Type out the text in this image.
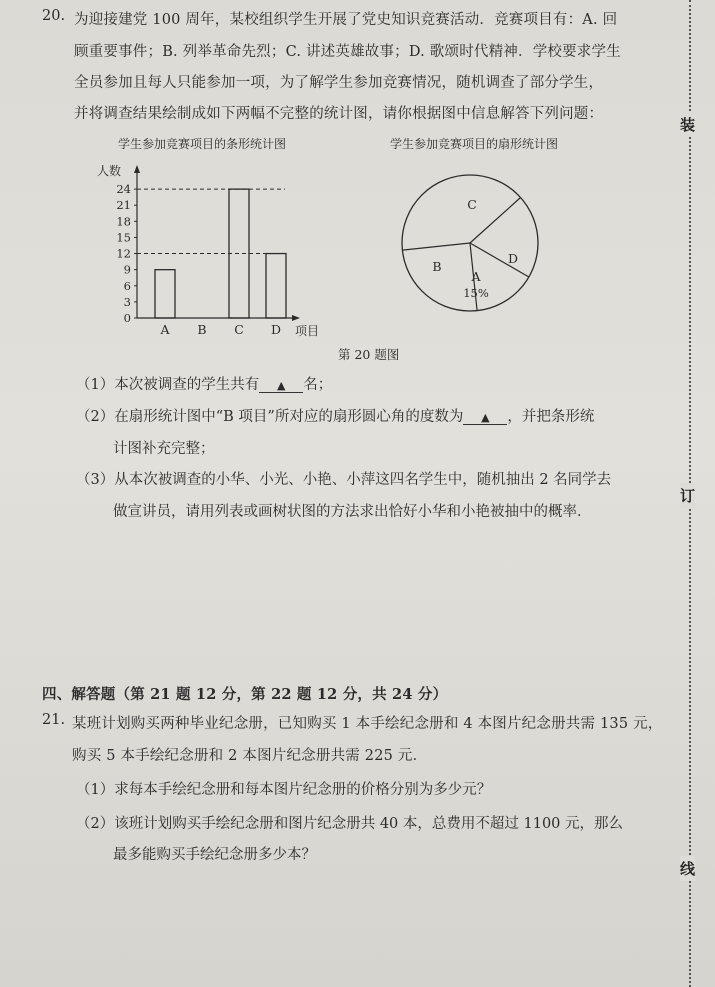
装
订
线
20. 为迎接建党 100 周年，某校组织学生开展了党史知识竞赛活动．竞赛项目有：A. 回
顾重要事件；B. 列举革命先烈；C. 讲述英雄故事；D. 歌颂时代精神．学校要求学生
全员参加且每人只能参加一项，为了解学生参加竞赛情况，随机调查了部分学生，
并将调查结果绘制成如下两幅不完整的统计图，请你根据图中信息解答下列问题：
学生参加竞赛项目的条形统计图	学生参加竞赛项目的扇形统计图
人数
项目
0
3
6
9
12
15
18
21
24
A B C D
C
D
A
B
15%
第 20 题图
（1）本次被调查的学生共有 ▲ 名；
（2）在扇形统计图中“B 项目”所对应的扇形圆心角的度数为 ▲ ，并把条形统
计图补充完整；
（3）从本次被调查的小华、小光、小艳、小萍这四名学生中，随机抽出 2 名同学去
做宣讲员，请用列表或画树状图的方法求出恰好小华和小艳被抽中的概率．
四、解答题（第 21 题 12 分，第 22 题 12 分，共 24 分）
21. 某班计划购买两种毕业纪念册，已知购买 1 本手绘纪念册和 4 本图片纪念册共需 135 元，
购买 5 本手绘纪念册和 2 本图片纪念册共需 225 元．
（1）求每本手绘纪念册和每本图片纪念册的价格分别为多少元？
（2）该班计划购买手绘纪念册和图片纪念册共 40 本，总费用不超过 1100 元，那么
最多能购买手绘纪念册多少本？
